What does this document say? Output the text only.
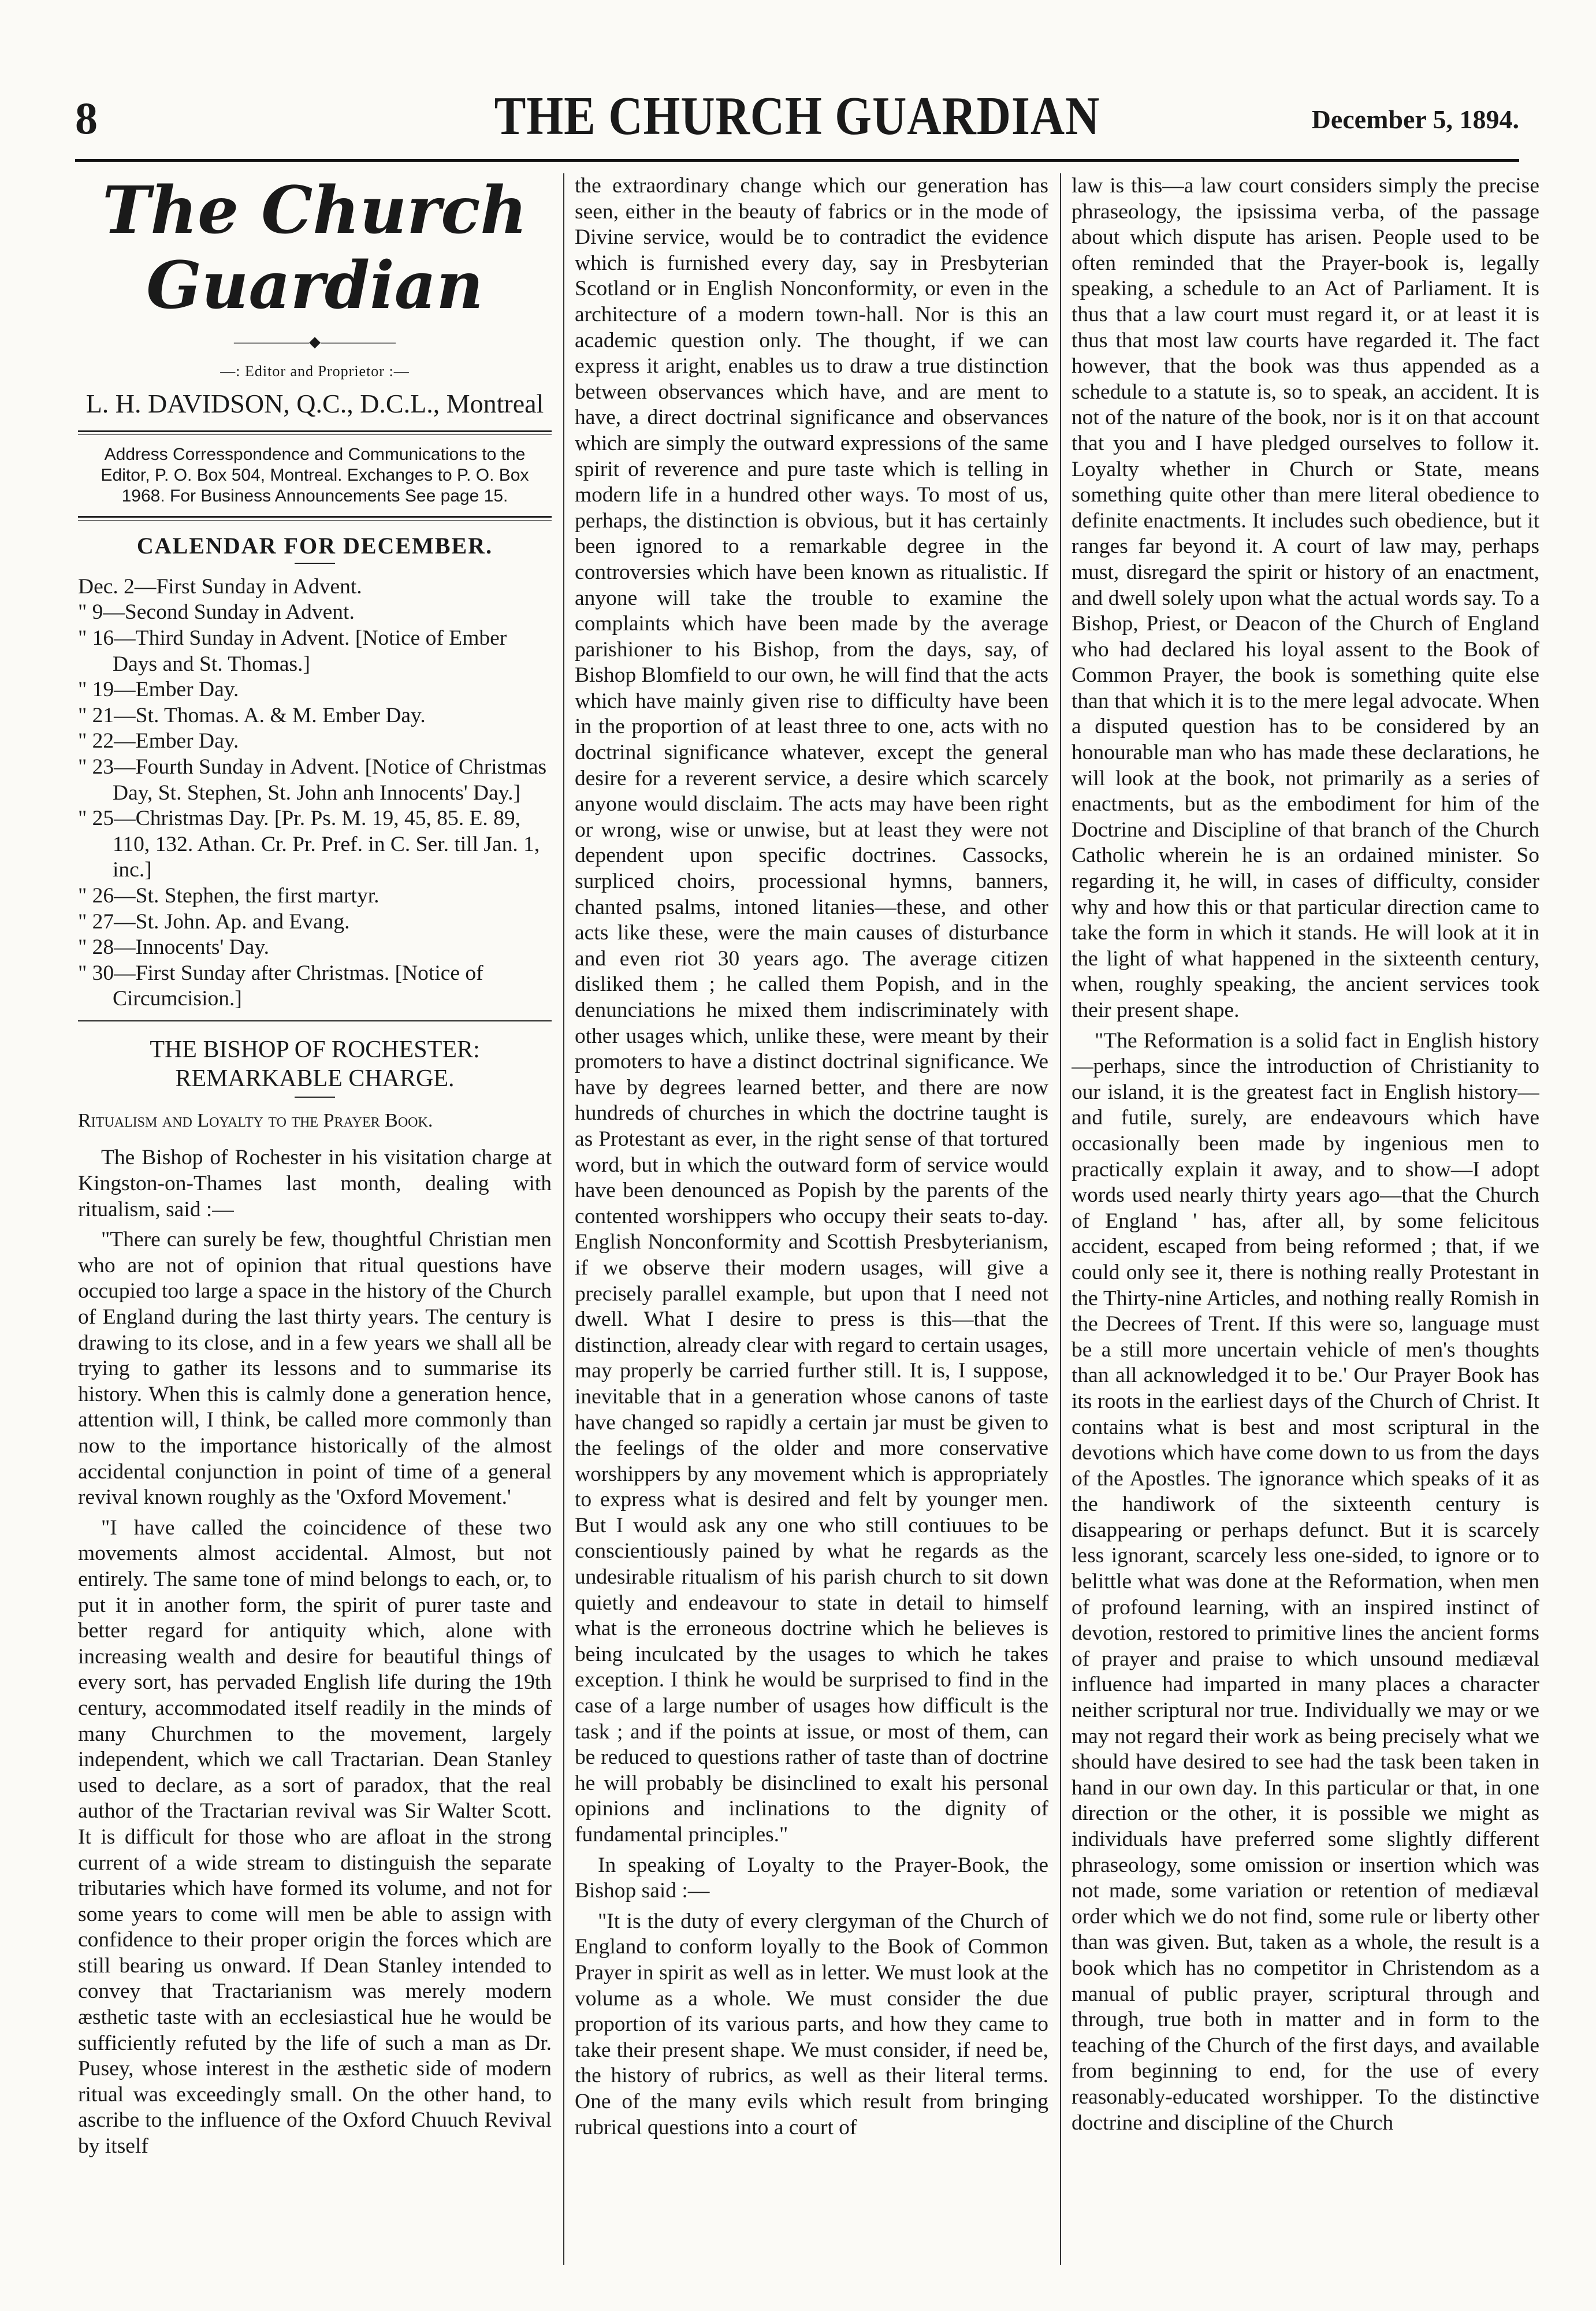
8	THE CHURCH GUARDIAN	December 5, 1894.
The Church Guardian
—————◆—————
—: Editor and Proprietor :—
L. H. DAVIDSON, Q.C., D.C.L., Montreal
Address Corresspondence and Communications to the Editor, P. O. Box 504, Montreal. Exchanges to P. O. Box 1968. For Business Announcements See page 15.
CALENDAR FOR DECEMBER.

Dec. 2—First Sunday in Advent.

" 9—Second Sunday in Advent.

" 16—Third Sunday in Advent. [Notice of Ember Days and St. Thomas.]

" 19—Ember Day.

" 21—St. Thomas. A. & M. Ember Day.

" 22—Ember Day.

" 23—Fourth Sunday in Advent. [Notice of Christmas Day, St. Stephen, St. John anh Innocents' Day.]

" 25—Christmas Day. [Pr. Ps. M. 19, 45, 85. E. 89, 110, 132. Athan. Cr. Pr. Pref. in C. Ser. till Jan. 1, inc.]

" 26—St. Stephen, the first martyr.

" 27—St. John. Ap. and Evang.

" 28—Innocents' Day.

" 30—First Sunday after Christmas. [Notice of Circumcision.]

THE BISHOP OF ROCHESTER: REMARKABLE CHARGE.
Ritualism and Loyalty to the Prayer Book.

The Bishop of Rochester in his visitation charge at Kingston-on-Thames last month, dealing with ritualism, said :—

"There can surely be few, thoughtful Christian men who are not of opinion that ritual questions have occupied too large a space in the history of the Church of England during the last thirty years. The century is drawing to its close, and in a few years we shall all be trying to gather its lessons and to summarise its history. When this is calmly done a generation hence, attention will, I think, be called more commonly than now to the importance historically of the almost accidental conjunction in point of time of a general revival known roughly as the 'Oxford Movement.'

"I have called the coincidence of these two movements almost accidental. Almost, but not entirely. The same tone of mind belongs to each, or, to put it in another form, the spirit of purer taste and better regard for antiquity which, alone with increasing wealth and desire for beautiful things of every sort, has pervaded English life during the 19th century, accommodated itself readily in the minds of many Churchmen to the movement, largely independent, which we call Tractarian. Dean Stanley used to declare, as a sort of paradox, that the real author of the Tractarian revival was Sir Walter Scott. It is difficult for those who are afloat in the strong current of a wide stream to distinguish the separate tributaries which have formed its volume, and not for some years to come will men be able to assign with confidence to their proper origin the forces which are still bearing us onward. If Dean Stanley intended to convey that Tractarianism was merely modern æsthetic taste with an ecclesiastical hue he would be sufficiently refuted by the life of such a man as Dr. Pusey, whose interest in the æsthetic side of modern ritual was exceedingly small. On the other hand, to ascribe to the influence of the Oxford Chuuch Revival by itself

the extraordinary change which our generation has seen, either in the beauty of fabrics or in the mode of Divine service, would be to contradict the evidence which is furnished every day, say in Presbyterian Scotland or in English Nonconformity, or even in the architecture of a modern town-hall. Nor is this an academic question only. The thought, if we can express it aright, enables us to draw a true distinction between observances which have, and are ment to have, a direct doctrinal significance and observances which are simply the outward expressions of the same spirit of reverence and pure taste which is telling in modern life in a hundred other ways. To most of us, perhaps, the distinction is obvious, but it has certainly been ignored to a remarkable degree in the controversies which have been known as ritualistic. If anyone will take the trouble to examine the complaints which have been made by the average parishioner to his Bishop, from the days, say, of Bishop Blomfield to our own, he will find that the acts which have mainly given rise to difficulty have been in the proportion of at least three to one, acts with no doctrinal significance whatever, except the general desire for a reverent service, a desire which scarcely anyone would disclaim. The acts may have been right or wrong, wise or unwise, but at least they were not dependent upon specific doctrines. Cassocks, surpliced choirs, processional hymns, banners, chanted psalms, intoned litanies—these, and other acts like these, were the main causes of disturbance and even riot 30 years ago. The average citizen disliked them ; he called them Popish, and in the denunciations he mixed them indiscriminately with other usages which, unlike these, were meant by their promoters to have a distinct doctrinal significance. We have by degrees learned better, and there are now hundreds of churches in which the doctrine taught is as Protestant as ever, in the right sense of that tortured word, but in which the outward form of service would have been denounced as Popish by the parents of the contented worshippers who occupy their seats to-day. English Nonconformity and Scottish Presbyterianism, if we observe their modern usages, will give a precisely parallel example, but upon that I need not dwell. What I desire to press is this—that the distinction, already clear with regard to certain usages, may properly be carried further still. It is, I suppose, inevitable that in a generation whose canons of taste have changed so rapidly a certain jar must be given to the feelings of the older and more conservative worshippers by any movement which is appropriately to express what is desired and felt by younger men. But I would ask any one who still contiuues to be conscientiously pained by what he regards as the undesirable ritualism of his parish church to sit down quietly and endeavour to state in detail to himself what is the erroneous doctrine which he believes is being inculcated by the usages to which he takes exception. I think he would be surprised to find in the case of a large number of usages how difficult is the task ; and if the points at issue, or most of them, can be reduced to questions rather of taste than of doctrine he will probably be disinclined to exalt his personal opinions and inclinations to the dignity of fundamental principles."

In speaking of Loyalty to the Prayer-Book, the Bishop said :—

"It is the duty of every clergyman of the Church of England to conform loyally to the Book of Common Prayer in spirit as well as in letter. We must look at the volume as a whole. We must consider the due proportion of its various parts, and how they came to take their present shape. We must consider, if need be, the history of rubrics, as well as their literal terms. One of the many evils which result from bringing rubrical questions into a court of

law is this—a law court considers simply the precise phraseology, the ipsissima verba, of the passage about which dispute has arisen. People used to be often reminded that the Prayer-book is, legally speaking, a schedule to an Act of Parliament. It is thus that a law court must regard it, or at least it is thus that most law courts have regarded it. The fact however, that the book was thus appended as a schedule to a statute is, so to speak, an accident. It is not of the nature of the book, nor is it on that account that you and I have pledged ourselves to follow it. Loyalty whether in Church or State, means something quite other than mere literal obedience to definite enactments. It includes such obedience, but it ranges far beyond it. A court of law may, perhaps must, disregard the spirit or history of an enactment, and dwell solely upon what the actual words say. To a Bishop, Priest, or Deacon of the Church of England who had declared his loyal assent to the Book of Common Prayer, the book is something quite else than that which it is to the mere legal advocate. When a disputed question has to be considered by an honourable man who has made these declarations, he will look at the book, not primarily as a series of enactments, but as the embodiment for him of the Doctrine and Discipline of that branch of the Church Catholic wherein he is an ordained minister. So regarding it, he will, in cases of difficulty, consider why and how this or that particular direction came to take the form in which it stands. He will look at it in the light of what happened in the sixteenth century, when, roughly speaking, the ancient services took their present shape.

"The Reformation is a solid fact in English history—perhaps, since the introduction of Christianity to our island, it is the greatest fact in English history—and futile, surely, are endeavours which have occasionally been made by ingenious men to practically explain it away, and to show—I adopt words used nearly thirty years ago—that the Church of England ' has, after all, by some felicitous accident, escaped from being reformed ; that, if we could only see it, there is nothing really Protestant in the Thirty-nine Articles, and nothing really Romish in the Decrees of Trent. If this were so, language must be a still more uncertain vehicle of men's thoughts than all acknowledged it to be.' Our Prayer Book has its roots in the earliest days of the Church of Christ. It contains what is best and most scriptural in the devotions which have come down to us from the days of the Apostles. The ignorance which speaks of it as the handiwork of the sixteenth century is disappearing or perhaps defunct. But it is scarcely less ignorant, scarcely less one-sided, to ignore or to belittle what was done at the Reformation, when men of profound learning, with an inspired instinct of devotion, restored to primitive lines the ancient forms of prayer and praise to which unsound mediæval influence had imparted in many places a character neither scriptural nor true. Individually we may or we may not regard their work as being precisely what we should have desired to see had the task been taken in hand in our own day. In this particular or that, in one direction or the other, it is possible we might as individuals have preferred some slightly different phraseology, some omission or insertion which was not made, some variation or retention of mediæval order which we do not find, some rule or liberty other than was given. But, taken as a whole, the result is a book which has no competitor in Christendom as a manual of public prayer, scriptural through and through, true both in matter and in form to the teaching of the Church of the first days, and available from beginning to end, for the use of every reasonably-educated worshipper. To the distinctive doctrine and discipline of the Church
